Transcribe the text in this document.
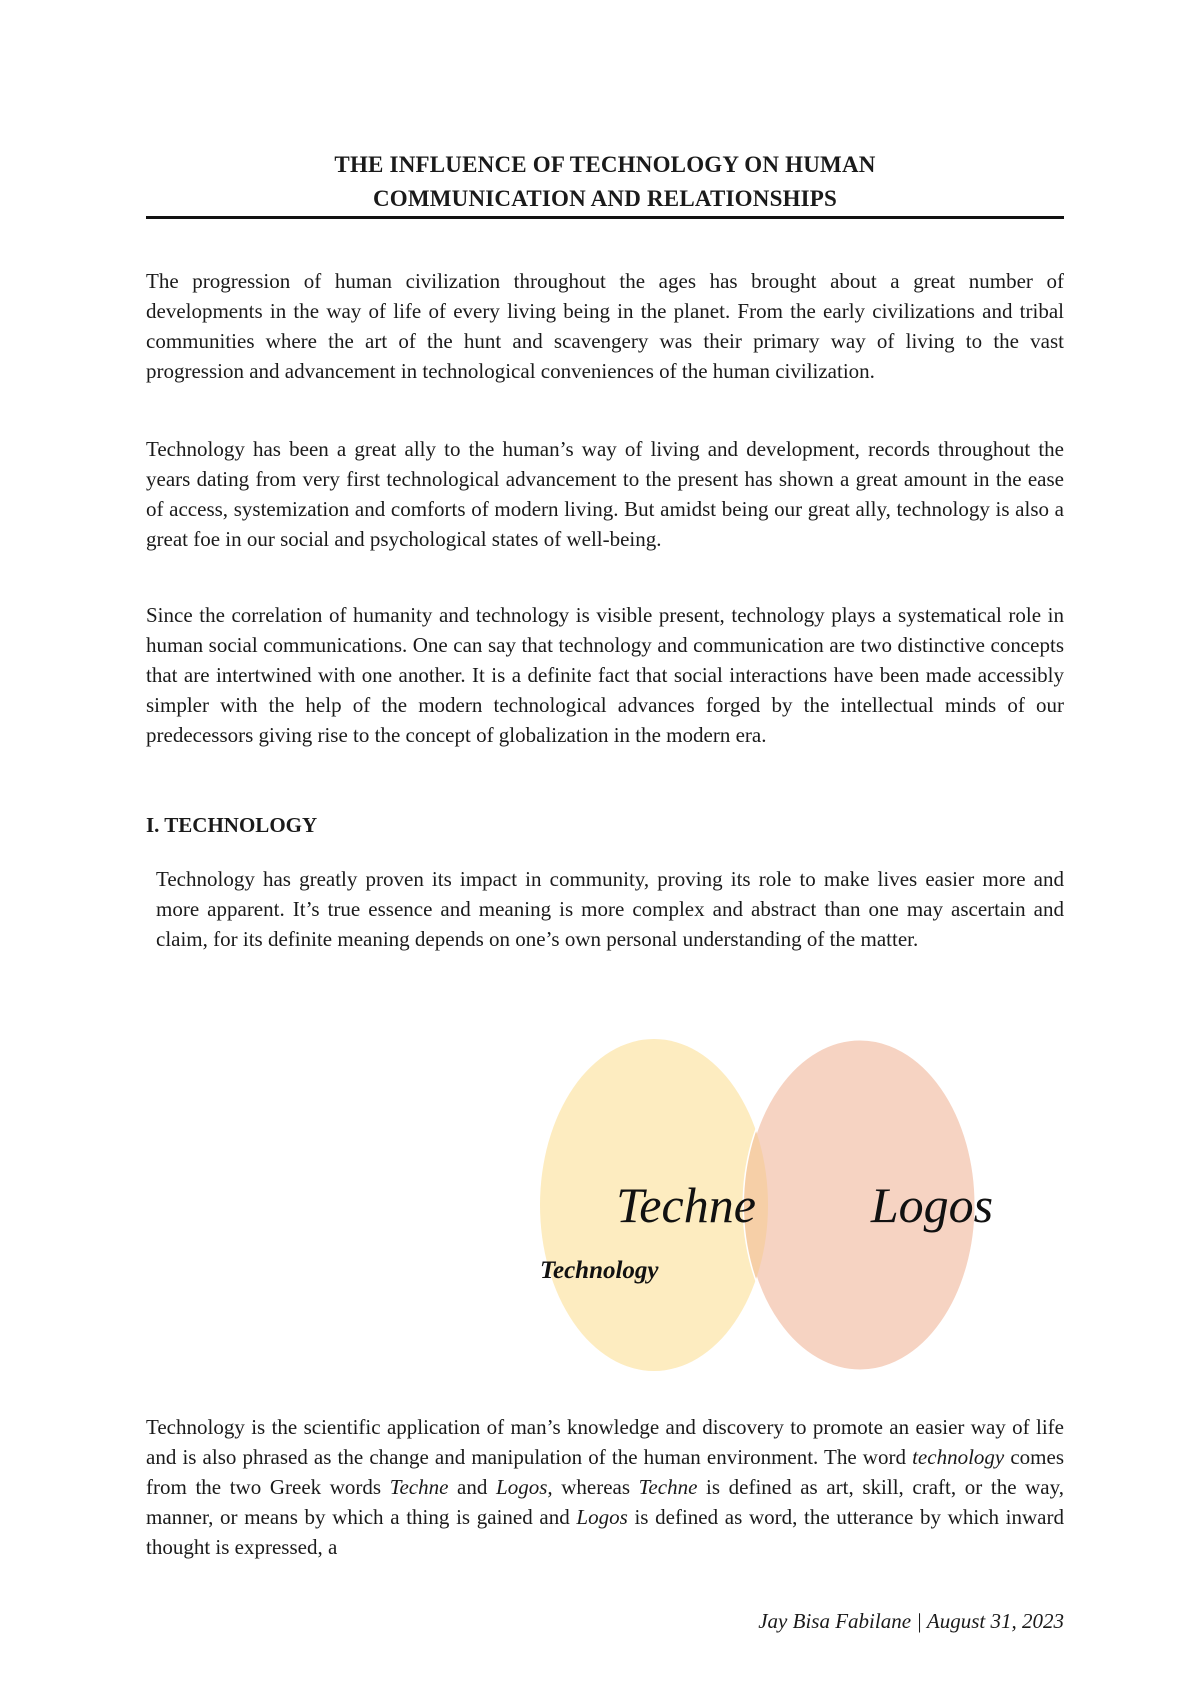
THE INFLUENCE OF TECHNOLOGY ON HUMAN
COMMUNICATION AND RELATIONSHIPS

The progression of human civilization throughout the ages has brought about a great number of developments in the way of life of every living being in the planet. From the early civilizations and tribal communities where the art of the hunt and scavengery was their primary way of living to the vast progression and advancement in technological conveniences of the human civilization.

Technology has been a great ally to the human’s way of living and development, records throughout the years dating from very first technological advancement to the present has shown a great amount in the ease of access, systemization and comforts of modern living. But amidst being our great ally, technology is also a great foe in our social and psychological states of well-being.

Since the correlation of humanity and technology is visible present, technology plays a systematical role in human social communications. One can say that technology and communication are two distinctive concepts that are intertwined with one another. It is a definite fact that social interactions have been made accessibly simpler with the help of the modern technological advances forged by the intellectual minds of our predecessors giving rise to the concept of globalization in the modern era.

I. TECHNOLOGY

Technology has greatly proven its impact in community, proving its role to make lives easier more and more apparent. It’s true essence and meaning is more complex and abstract than one may ascertain and claim, for its definite meaning depends on one’s own personal understanding of the matter.

Techne Logos
Technology

Technology is the scientific application of man’s knowledge and discovery to promote an easier way of life and is also phrased as the change and manipulation of the human environment. The word technology comes from the two Greek words Techne and Logos, whereas Techne is defined as art, skill, craft, or the way, manner, or means by which a thing is gained and Logos is defined as word, the utterance by which inward thought is expressed, a

Jay Bisa Fabilane | August 31, 2023
